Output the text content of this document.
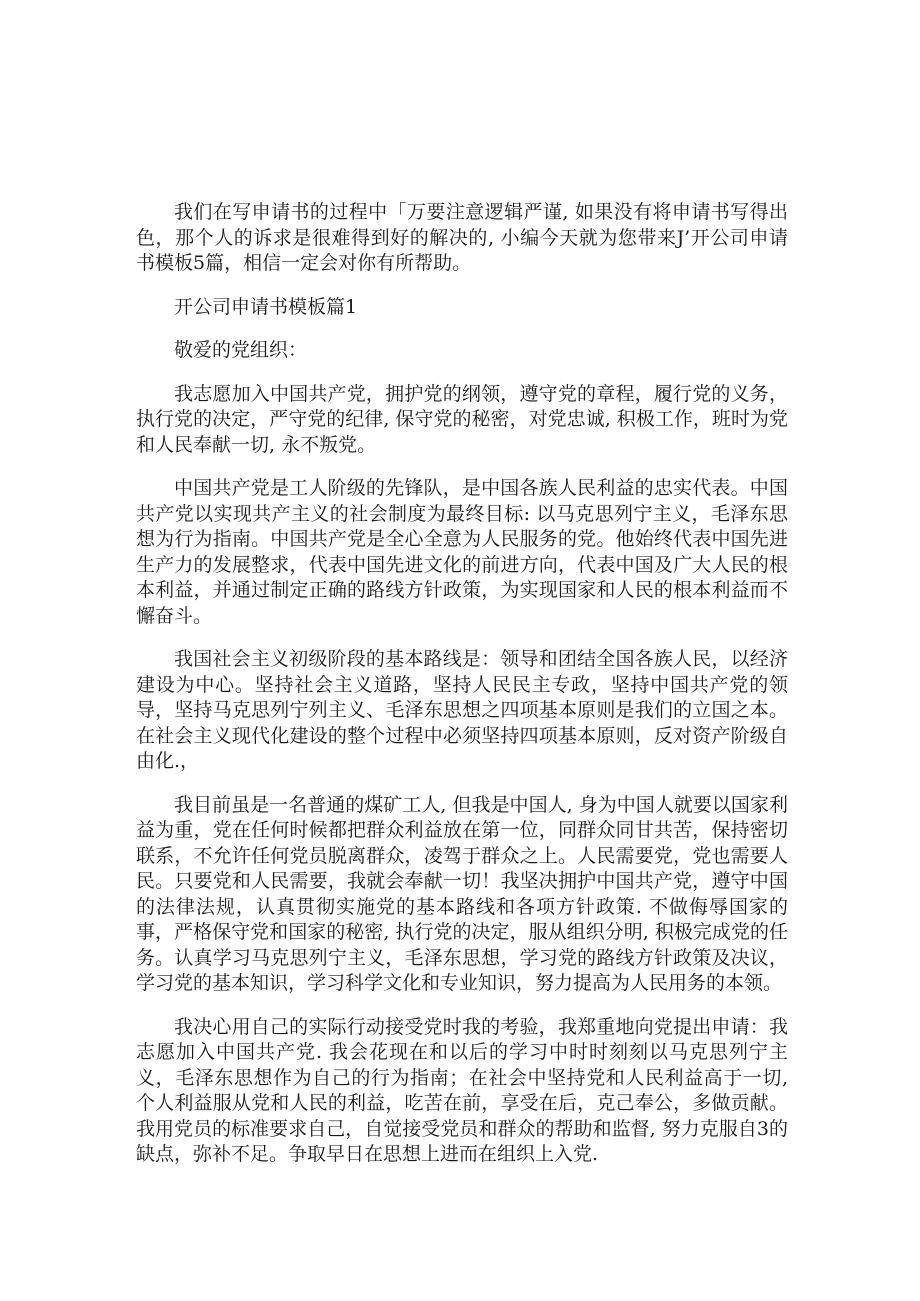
我们在写申请书的过程中「万要注意逻辑严谨, 如果没有将申请书写得出色，那个人的诉求是很难得到好的解决的, 小编今天就为您带来J’开公司申请书模板5篇，相信一定会对你有所帮助。

开公司申请书模板篇1

敬爱的党组织：

我志愿加入中国共产党，拥护党的纲领，遵守党的章程，履行党的义务，执行党的决定，严守党的纪律, 保守党的秘密，对党忠诚, 积极工作，班时为党和人民奉献一切, 永不叛党。

中国共产党是工人阶级的先锋队，是中国各族人民利益的忠实代表。中国共产党以实现共产主义的社会制度为最终目标: 以马克思列宁主义，毛泽东思想为行为指南。中国共产党是全心全意为人民服务的党。他始终代表中国先进生产力的发展整求，代表中国先进文化的前进方向，代表中国及广大人民的根本利益，并通过制定正确的路线方针政策，为实现国家和人民的根本利益而不懈奋斗。

我国社会主义初级阶段的基本路线是：领导和团结全国各族人民，以经济建设为中心。坚持社会主义道路，坚持人民民主专政，坚持中国共产党的领导，坚持马克思列宁列主义、毛泽东思想之四项基本原则是我们的立国之本。在社会主义现代化建设的整个过程中必须坚持四项基本原则，反对资产阶级自由化.，

我目前虽是一名普通的煤矿工人, 但我是中国人, 身为中国人就要以国家利益为重，党在任何时候都把群众利益放在第一位，同群众同甘共苦，保持密切联系，不允许任何党员脱离群众，凌驾于群众之上。人民需要党，党也需要人民。只要党和人民需要，我就会奉献一切！我坚决拥护中国共产党，遵守中国的法律法规，认真贯彻实施党的基本路线和各项方针政策. 不做侮辱国家的事，严格保守党和国家的秘密, 执行党的决定，服从组织分明, 积极完成党的任务。认真学习马克思列宁主义，毛泽东思想，学习党的路线方针政策及决议，学习党的基本知识，学习科学文化和专业知识，努力提高为人民用务的本领。

我决心用自己的实际行动接受党时我的考验，我郑重地向党提出申请：我志愿加入中国共产党. 我会花现在和以后的学习中时时刻刻以马克思列宁主义，毛泽东思想作为自己的行为指南；在社会中坚持党和人民利益高于一切, 个人利益服从党和人民的利益，吃苦在前，享受在后，克己奉公，多做贡献。我用党员的标准要求自己，自觉接受党员和群众的帮助和监督, 努力克服自3的缺点，弥补不足。争取早日在思想上进而在组织上入党.
